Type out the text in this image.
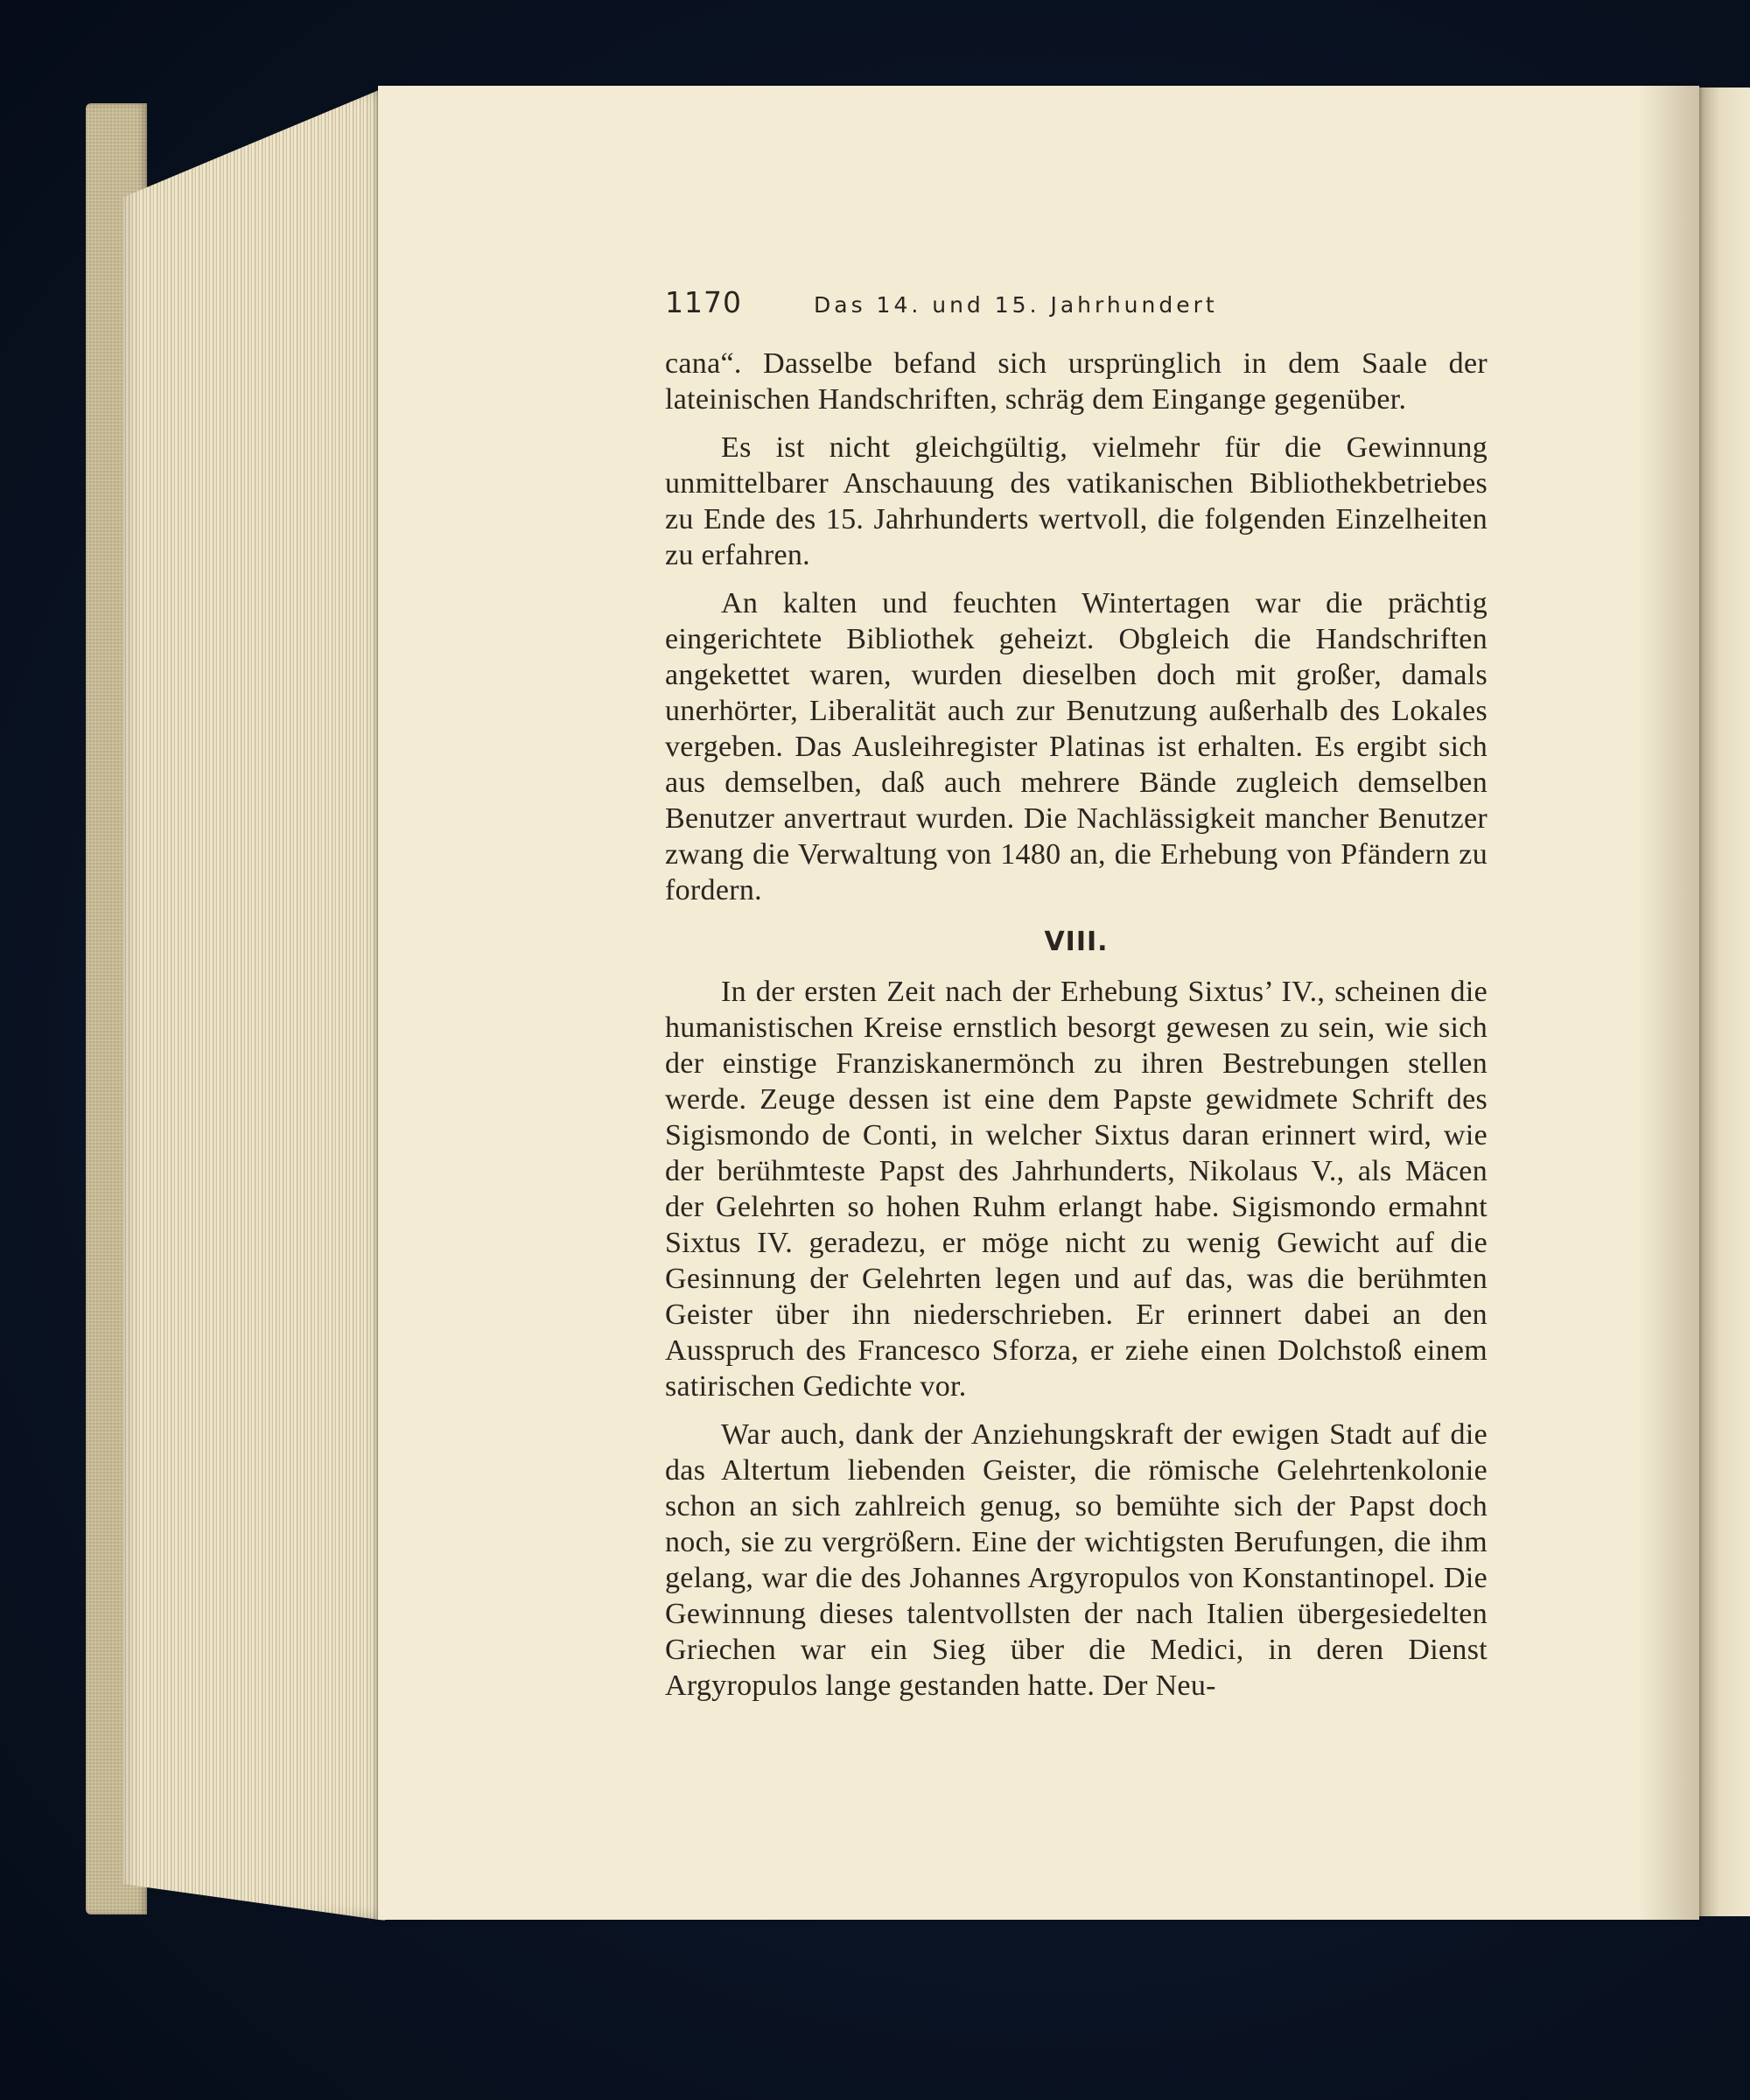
1170	Das 14. und 15. Jahrhundert

cana“. Dasselbe befand sich ursprünglich in dem Saale der lateinischen Handschriften, schräg dem Eingange gegenüber.

Es ist nicht gleichgültig, vielmehr für die Gewinnung unmittelbarer Anschauung des vatikanischen Bibliothekbetriebes zu Ende des 15. Jahrhunderts wertvoll, die folgenden Einzelheiten zu erfahren.

An kalten und feuchten Wintertagen war die prächtig eingerichtete Bibliothek geheizt. Obgleich die Handschriften angekettet waren, wurden dieselben doch mit großer, damals unerhörter, Liberalität auch zur Benutzung außerhalb des Lokales vergeben. Das Ausleihregister Platinas ist erhalten. Es ergibt sich aus demselben, daß auch mehrere Bände zugleich demselben Benutzer anvertraut wurden. Die Nachlässigkeit mancher Benutzer zwang die Verwaltung von 1480 an, die Erhebung von Pfändern zu fordern.

VIII.

In der ersten Zeit nach der Erhebung Sixtus’ IV., scheinen die humanistischen Kreise ernstlich besorgt gewesen zu sein, wie sich der einstige Franziskanermönch zu ihren Bestrebungen stellen werde. Zeuge dessen ist eine dem Papste gewidmete Schrift des Sigismondo de Conti, in welcher Sixtus daran erinnert wird, wie der berühmteste Papst des Jahrhunderts, Nikolaus V., als Mäcen der Gelehrten so hohen Ruhm erlangt habe. Sigismondo ermahnt Sixtus IV. geradezu, er möge nicht zu wenig Gewicht auf die Gesinnung der Gelehrten legen und auf das, was die berühmten Geister über ihn niederschrieben. Er erinnert dabei an den Ausspruch des Francesco Sforza, er ziehe einen Dolchstoß einem satirischen Gedichte vor.

War auch, dank der Anziehungskraft der ewigen Stadt auf die das Altertum liebenden Geister, die römische Gelehrtenkolonie schon an sich zahlreich genug, so bemühte sich der Papst doch noch, sie zu vergrößern. Eine der wichtigsten Berufungen, die ihm gelang, war die des Johannes Argyropulos von Konstantinopel. Die Gewinnung dieses talentvollsten der nach Italien übergesiedelten Griechen war ein Sieg über die Medici, in deren Dienst Argyropulos lange gestanden hatte. Der Neu-
